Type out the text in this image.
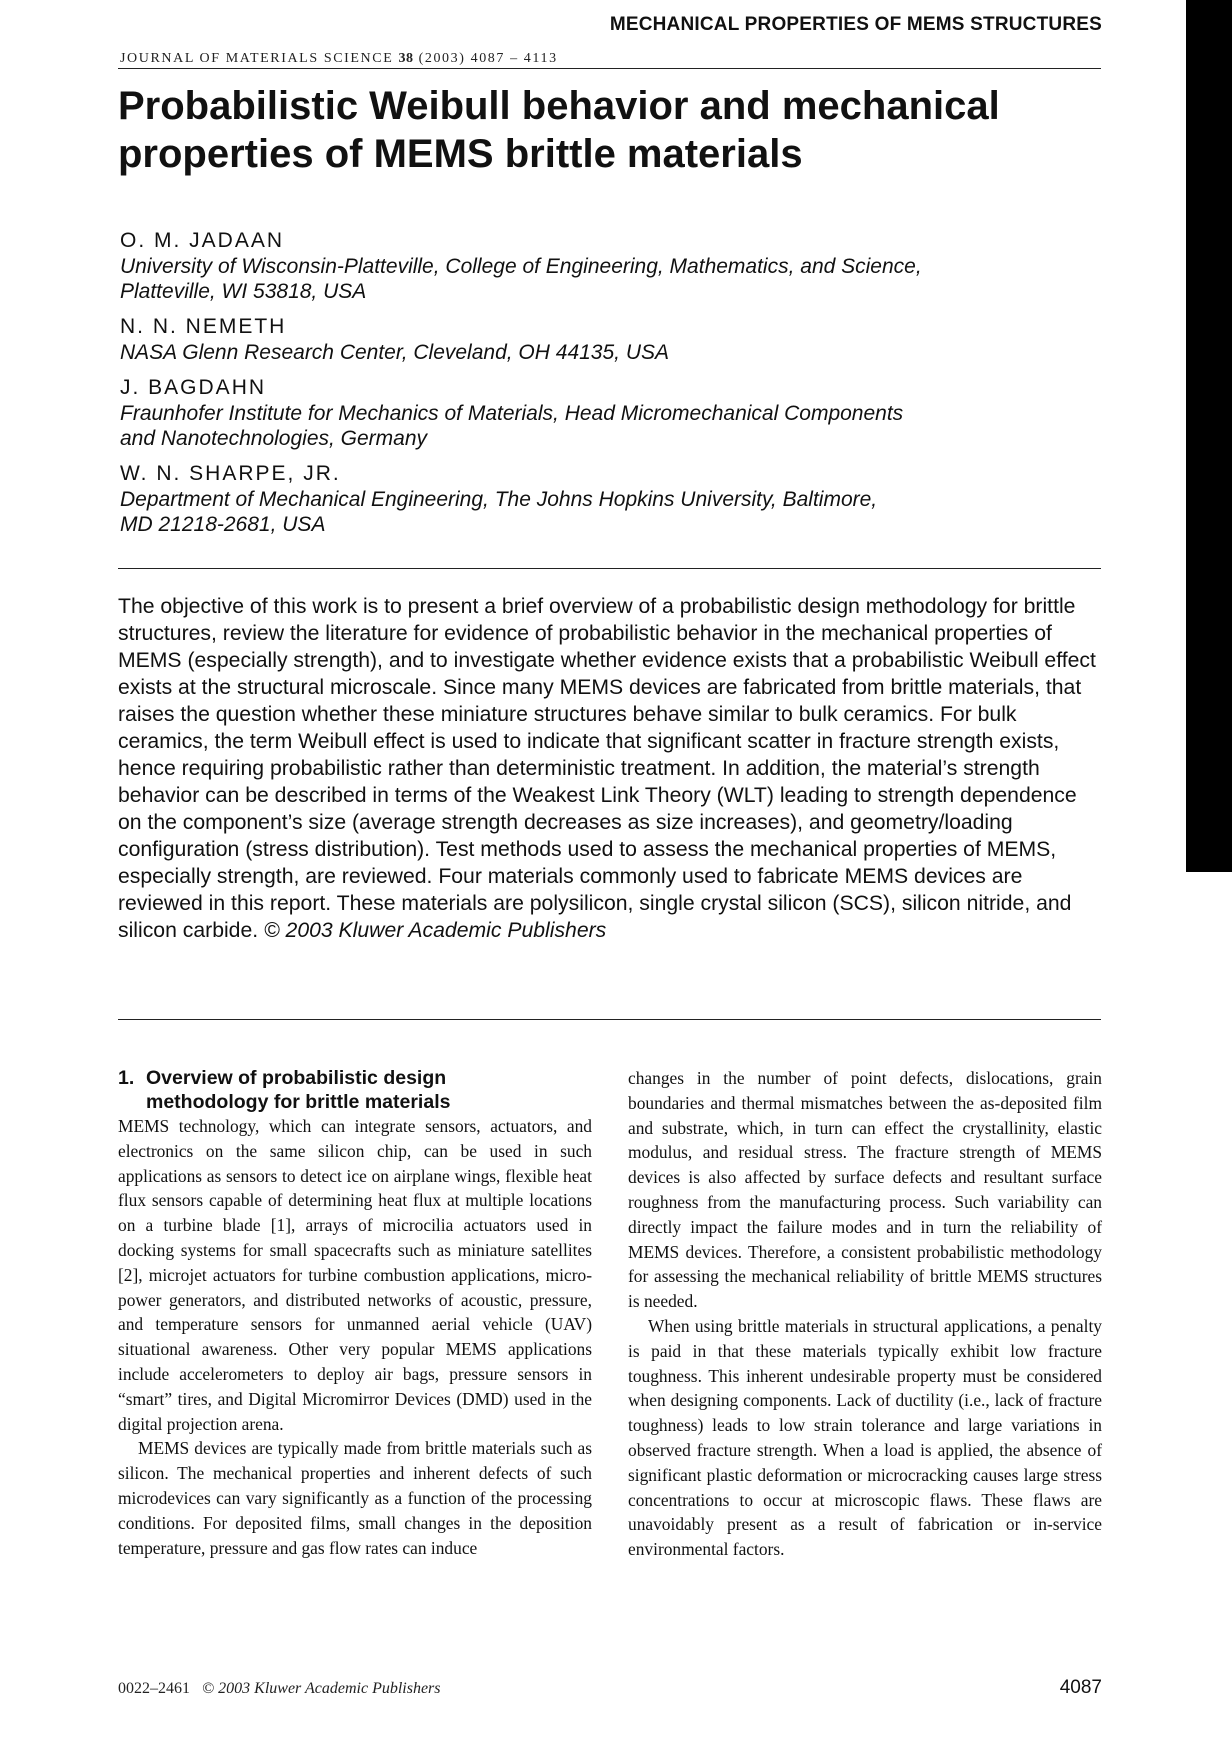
MECHANICAL PROPERTIES OF MEMS STRUCTURES
JOURNAL OF MATERIALS SCIENCE 38 (2003) 4087 – 4113
Probabilistic Weibull behavior and mechanical
properties of MEMS brittle materials
O. M. JADAAN
University of Wisconsin-Platteville, College of Engineering, Mathematics, and Science,
Platteville, WI 53818, USA
N. N. NEMETH
NASA Glenn Research Center, Cleveland, OH 44135, USA
J. BAGDAHN
Fraunhofer Institute for Mechanics of Materials, Head Micromechanical Components
and Nanotechnologies, Germany
W. N. SHARPE, JR.
Department of Mechanical Engineering, The Johns Hopkins University, Baltimore,
MD 21218-2681, USA

The objective of this work is to present a brief overview of a probabilistic design methodology for brittle structures, review the literature for evidence of probabilistic behavior in the mechanical properties of MEMS (especially strength), and to investigate whether evidence exists that a probabilistic Weibull effect exists at the structural microscale. Since many MEMS devices are fabricated from brittle materials, that raises the question whether these miniature structures behave similar to bulk ceramics. For bulk ceramics, the term Weibull effect is used to indicate that significant scatter in fracture strength exists, hence requiring probabilistic rather than deterministic treatment. In addition, the material’s strength behavior can be described in terms of the Weakest Link Theory (WLT) leading to strength dependence on the component’s size (average strength decreases as size increases), and geometry/loading configuration (stress distribution). Test methods used to assess the mechanical properties of MEMS, especially strength, are reviewed. Four materials commonly used to fabricate MEMS devices are reviewed in this report. These materials are polysilicon, single crystal silicon (SCS), silicon nitride, and silicon carbide. © 2003 Kluwer Academic Publishers

1. Overview of probabilistic design
methodology for brittle materials

MEMS technology, which can integrate sensors, actuators, and electronics on the same silicon chip, can be used in such applications as sensors to detect ice on airplane wings, flexible heat flux sensors capable of determining heat flux at multiple locations on a turbine blade [1], arrays of microcilia actuators used in docking systems for small spacecrafts such as miniature satellites [2], microjet actuators for turbine combustion applications, micro-power generators, and distributed networks of acoustic, pressure, and temperature sensors for unmanned aerial vehicle (UAV) situational awareness. Other very popular MEMS applications include accelerometers to deploy air bags, pressure sensors in “smart” tires, and Digital Micromirror Devices (DMD) used in the digital projection arena.

MEMS devices are typically made from brittle materials such as silicon. The mechanical properties and inherent defects of such microdevices can vary significantly as a function of the processing conditions. For deposited films, small changes in the deposition temperature, pressure and gas flow rates can induce

changes in the number of point defects, dislocations, grain boundaries and thermal mismatches between the as-deposited film and substrate, which, in turn can effect the crystallinity, elastic modulus, and residual stress. The fracture strength of MEMS devices is also affected by surface defects and resultant surface roughness from the manufacturing process. Such variability can directly impact the failure modes and in turn the reliability of MEMS devices. Therefore, a consistent probabilistic methodology for assessing the mechanical reliability of brittle MEMS structures is needed.

When using brittle materials in structural applications, a penalty is paid in that these materials typically exhibit low fracture toughness. This inherent undesirable property must be considered when designing components. Lack of ductility (i.e., lack of fracture toughness) leads to low strain tolerance and large variations in observed fracture strength. When a load is applied, the absence of significant plastic deformation or microcracking causes large stress concentrations to occur at microscopic flaws. These flaws are unavoidably present as a result of fabrication or in-service environmental factors.

0022–2461 © 2003 Kluwer Academic Publishers	4087
